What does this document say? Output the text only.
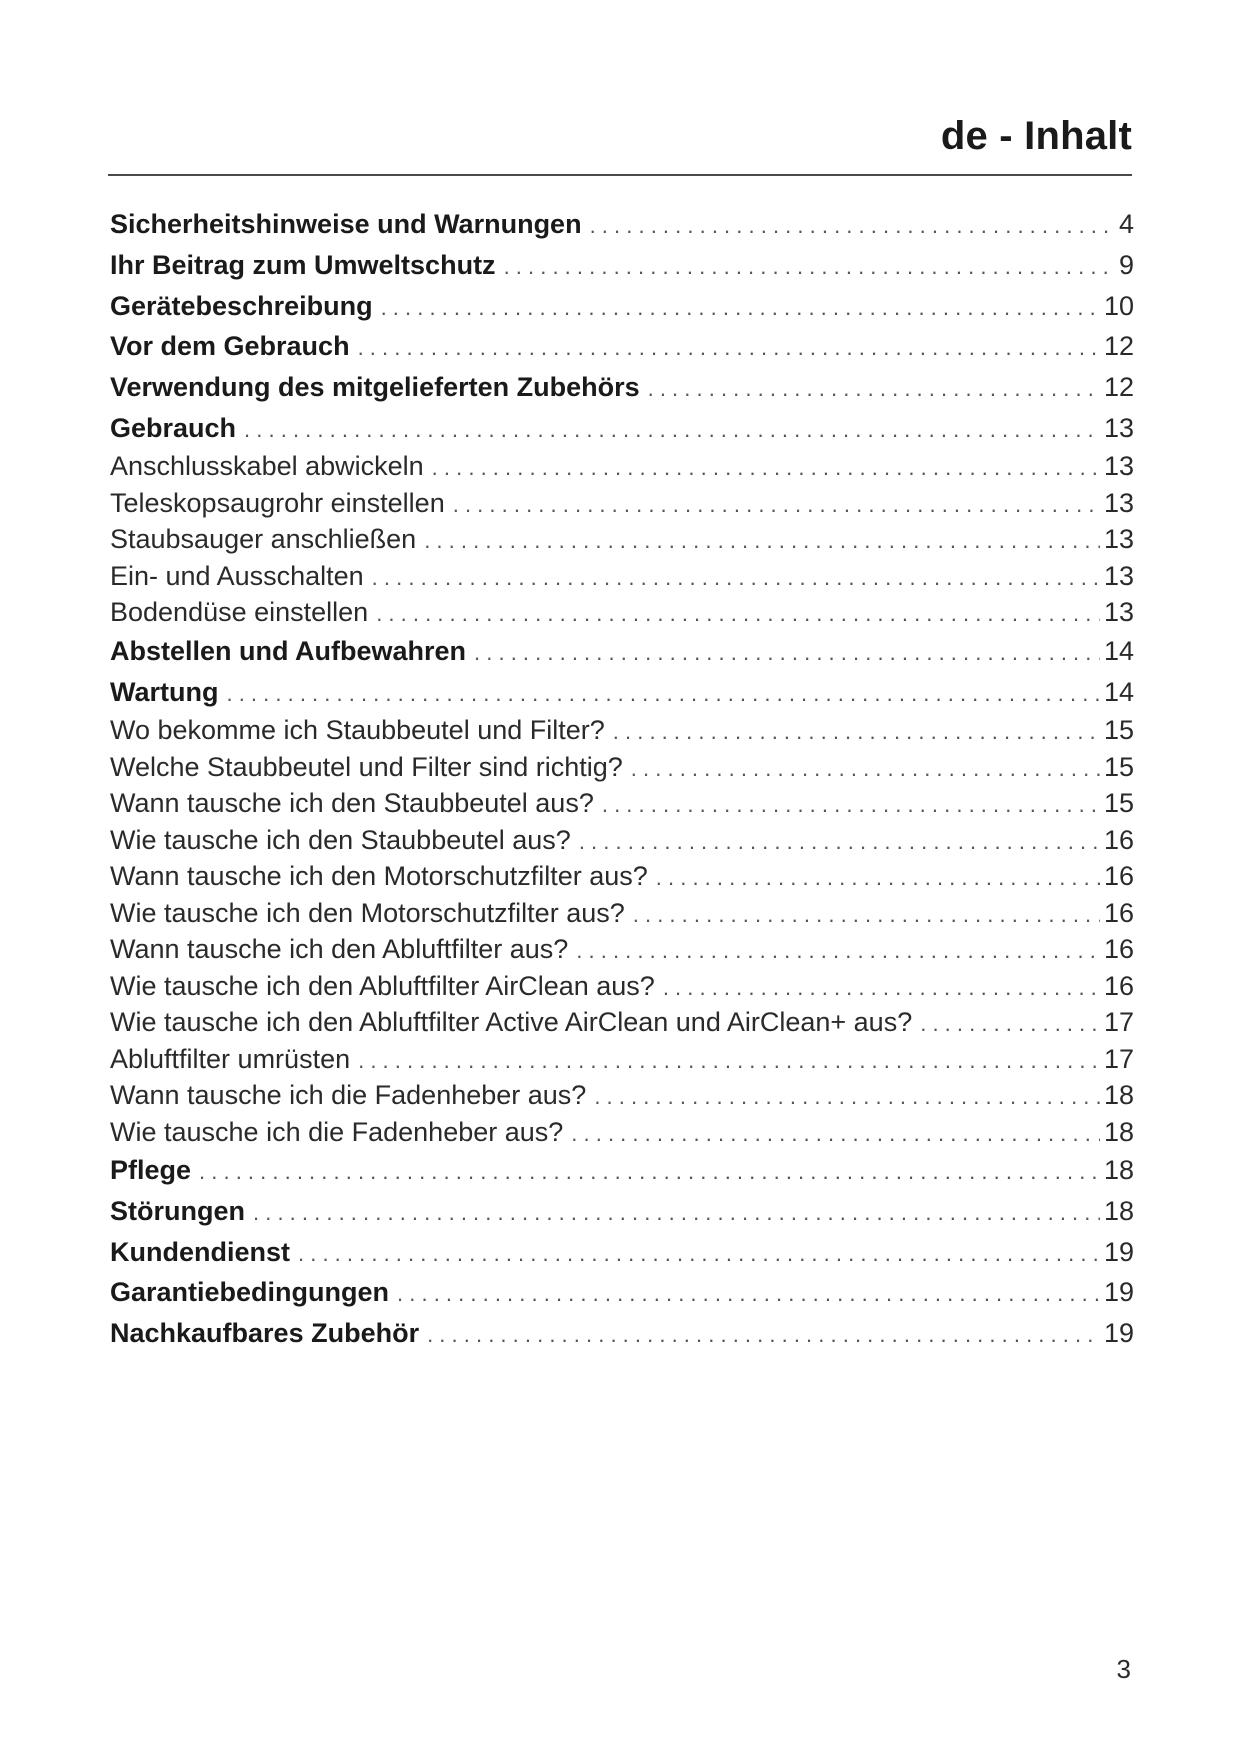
de - Inhalt
Sicherheitshinweise und Warnungen . . .	4
Ihr Beitrag zum Umweltschutz . . .	9
Gerätebeschreibung . . .	10
Vor dem Gebrauch . . .	12
Verwendung des mitgelieferten Zubehörs . . .	12
Gebrauch . . .	13
Anschlusskabel abwickeln . . .	13
Teleskopsaugrohr einstellen . . .	13
Staubsauger anschließen . . .	13
Ein- und Ausschalten . . .	13
Bodendüse einstellen . . .	13
Abstellen und Aufbewahren . . .	14
Wartung . . .	14
Wo bekomme ich Staubbeutel und Filter? . . .	15
Welche Staubbeutel und Filter sind richtig? . . .	15
Wann tausche ich den Staubbeutel aus? . . .	15
Wie tausche ich den Staubbeutel aus? . . .	16
Wann tausche ich den Motorschutzfilter aus? . . .	16
Wie tausche ich den Motorschutzfilter aus? . . .	16
Wann tausche ich den Abluftfilter aus? . . .	16
Wie tausche ich den Abluftfilter AirClean aus? . . .	16
Wie tausche ich den Abluftfilter Active AirClean und AirClean+ aus? . . .	17
Abluftfilter umrüsten . . .	17
Wann tausche ich die Fadenheber aus? . . .	18
Wie tausche ich die Fadenheber aus? . . .	18
Pflege . . .	18
Störungen . . .	18
Kundendienst . . .	19
Garantiebedingungen . . .	19
Nachkaufbares Zubehör . . .	19
3
